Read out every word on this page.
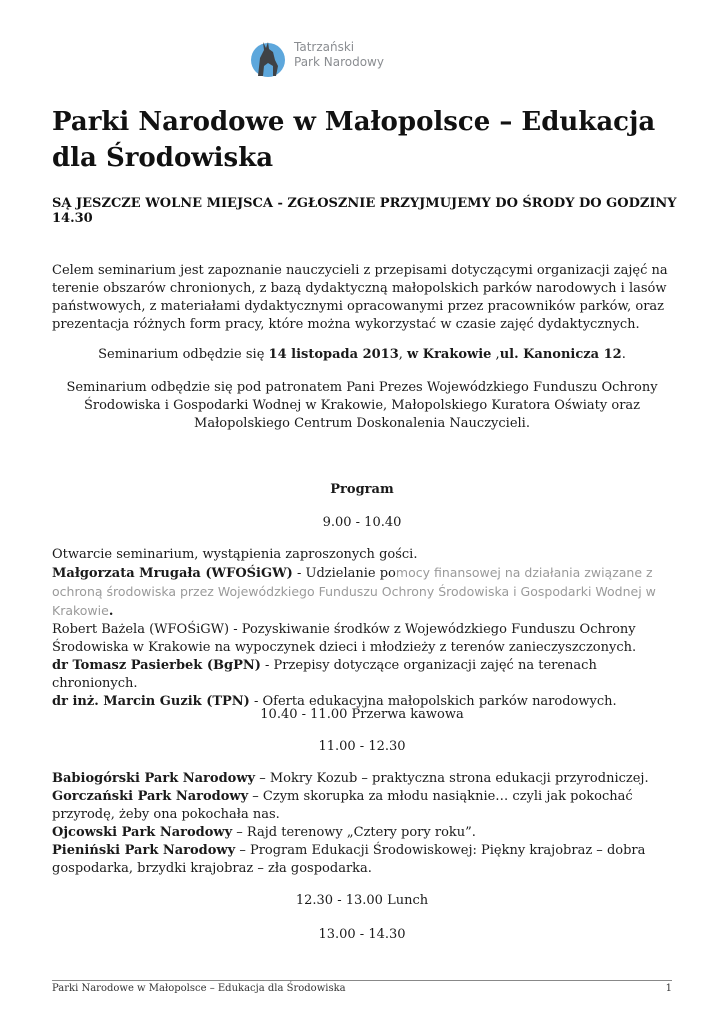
Tatrzański
Park Narodowy
Parki Narodowe w Małopolsce – Edukacja dla Środowiska

SĄ JESZCZE WOLNE MIEJSCA - ZGŁOSZNIE PRZYJMUJEMY DO ŚRODY DO GODZINY 14.30

Celem seminarium jest zapoznanie nauczycieli z przepisami dotyczącymi organizacji zajęć na terenie obszarów chronionych, z bazą dydaktyczną małopolskich parków narodowych i lasów państwowych, z materiałami dydaktycznymi opracowanymi przez pracowników parków, oraz prezentacja różnych form pracy, które można wykorzystać w czasie zajęć dydaktycznych.

Seminarium odbędzie się 14 listopada 2013, w Krakowie ,ul. Kanonicza 12.

Seminarium odbędzie się pod patronatem Pani Prezes Wojewódzkiego Funduszu Ochrony Środowiska i Gospodarki Wodnej w Krakowie, Małopolskiego Kuratora Oświaty oraz Małopolskiego Centrum Doskonalenia Nauczycieli.

Program

9.00 - 10.40

Otwarcie seminarium, wystąpienia zaproszonych gości.
Małgorzata Mrugała (WFOŚiGW) - Udzielanie pomocy finansowej na działania związane z ochroną środowiska przez Wojewódzkiego Funduszu Ochrony Środowiska i Gospodarki Wodnej w Krakowie.
Robert Bażela (WFOŚiGW) - Pozyskiwanie środków z Wojewódzkiego Funduszu Ochrony Środowiska w Krakowie na wypoczynek dzieci i młodzieży z terenów zanieczyszczonych.
dr Tomasz Pasierbek (BgPN) - Przepisy dotyczące organizacji zajęć na terenach chronionych.
dr inż. Marcin Guzik (TPN) - Oferta edukacyjna małopolskich parków narodowych.

10.40 - 11.00 Przerwa kawowa

11.00 - 12.30

Babiogórski Park Narodowy – Mokry Kozub – praktyczna strona edukacji przyrodniczej.
Gorczański Park Narodowy – Czym skorupka za młodu nasiąknie… czyli jak pokochać przyrodę, żeby ona pokochała nas.
Ojcowski Park Narodowy – Rajd terenowy „Cztery pory roku”.
Pieniński Park Narodowy – Program Edukacji Środowiskowej: Piękny krajobraz – dobra gospodarka, brzydki krajobraz – zła gospodarka.

12.30 - 13.00 Lunch

13.00 - 14.30

Parki Narodowe w Małopolsce – Edukacja dla Środowiska	1
